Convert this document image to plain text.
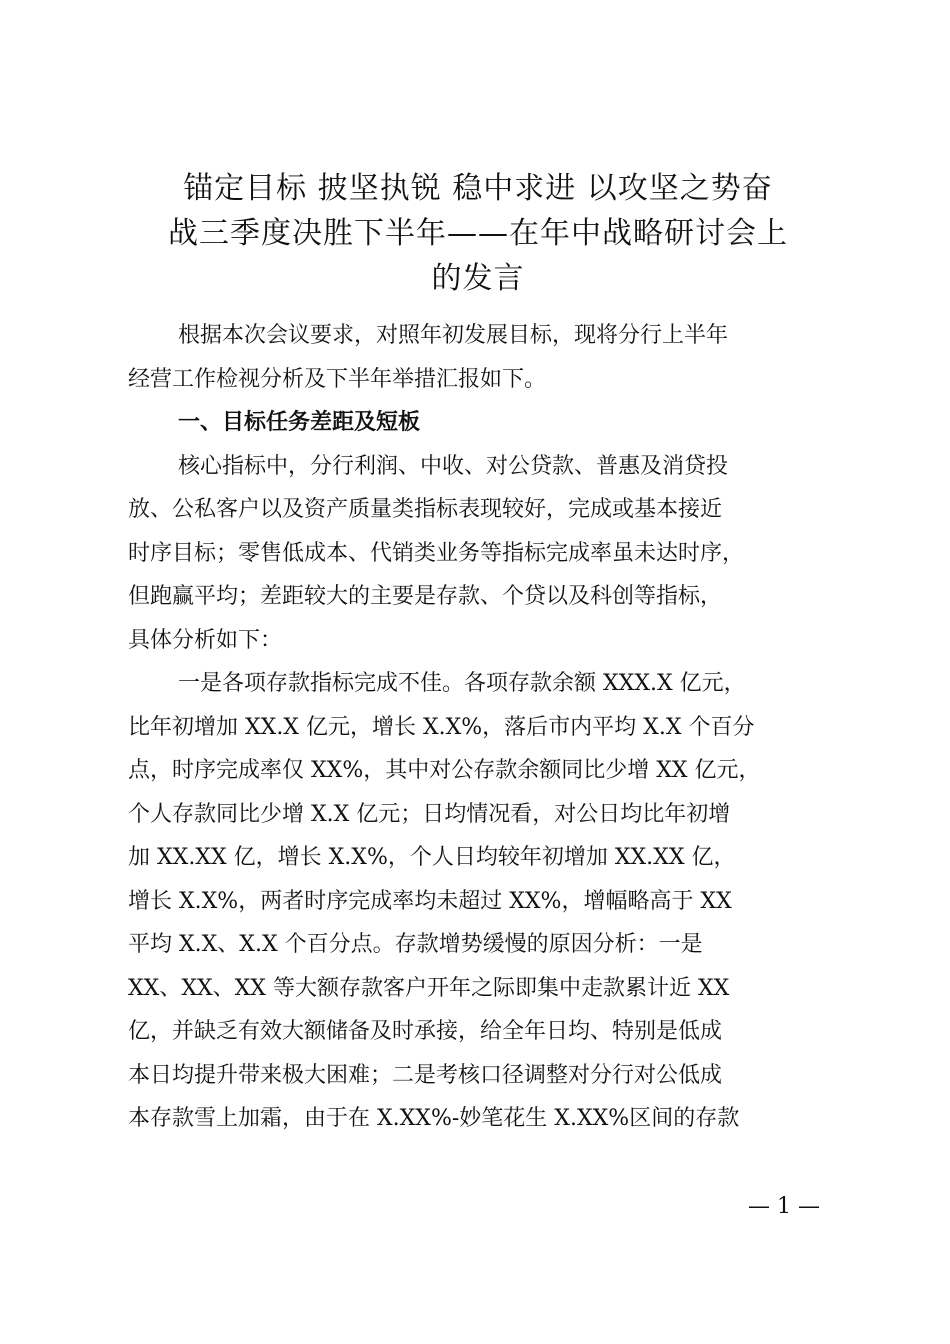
锚定目标 披坚执锐 稳中求进 以攻坚之势奋
战三季度决胜下半年——在年中战略研讨会上
的发言
根据本次会议要求，对照年初发展目标，现将分行上半年
经营工作检视分析及下半年举措汇报如下。
一、目标任务差距及短板
核心指标中，分行利润、中收、对公贷款、普惠及消贷投
放、公私客户以及资产质量类指标表现较好，完成或基本接近
时序目标；零售低成本、代销类业务等指标完成率虽未达时序，
但跑赢平均；差距较大的主要是存款、个贷以及科创等指标，
具体分析如下：
一是各项存款指标完成不佳。各项存款余额 XXX.X 亿元，
比年初增加 XX.X 亿元，增长 X.X%，落后市内平均 X.X 个百分
点，时序完成率仅 XX%，其中对公存款余额同比少增 XX 亿元，
个人存款同比少增 X.X 亿元；日均情况看，对公日均比年初增
加 XX.XX 亿，增长 X.X%，个人日均较年初增加 XX.XX 亿，
增长 X.X%，两者时序完成率均未超过 XX%，增幅略高于 XX
平均 X.X、X.X 个百分点。存款增势缓慢的原因分析：一是
XX、XX、XX 等大额存款客户开年之际即集中走款累计近 XX
亿，并缺乏有效大额储备及时承接，给全年日均、特别是低成
本日均提升带来极大困难；二是考核口径调整对分行对公低成
本存款雪上加霜，由于在 X.XX%-妙笔花生 X.XX%区间的存款
— 1 —
